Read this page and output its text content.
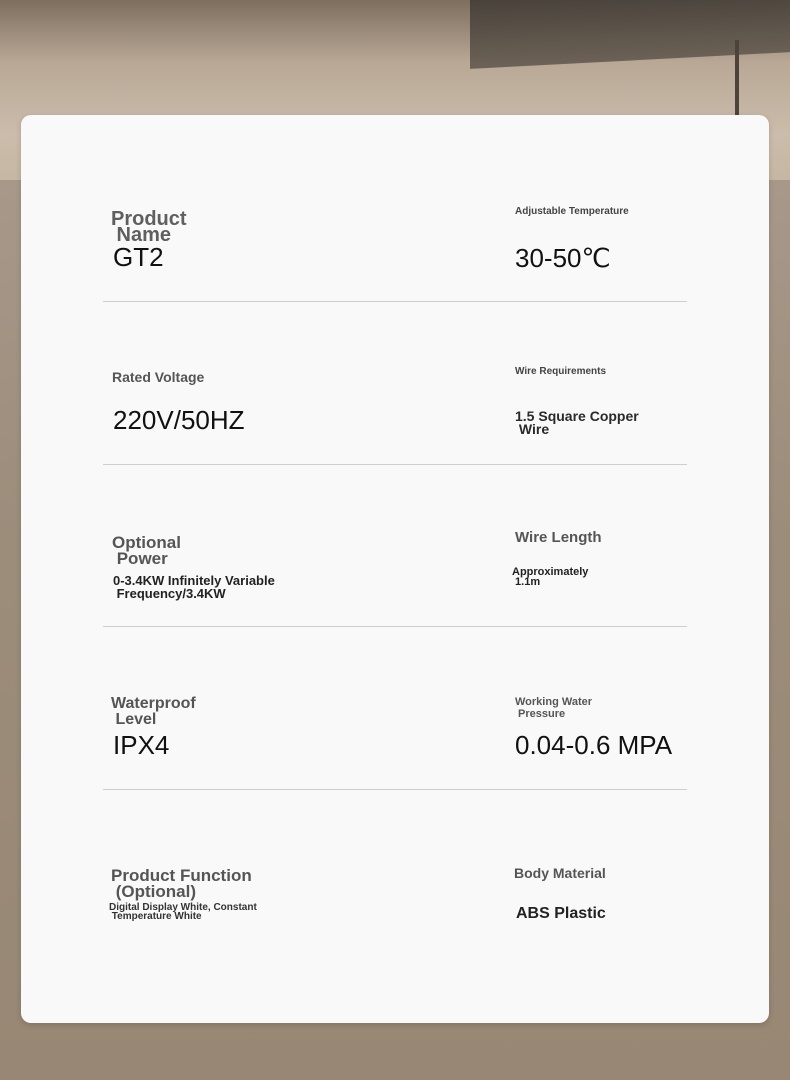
Product
Name
GT2
Adjustable Temperature
30-50℃
Rated Voltage
220V/50HZ
Wire Requirements
1.5 Square Copper
Wire
Optional
Power
0-3.4KW Infinitely Variable
Frequency/3.4KW
Wire Length
Approximately
1.1m
Waterproof
Level
IPX4
Working Water
Pressure
0.04-0.6 MPA
Product Function
(Optional)
Digital Display White, Constant
Temperature White
Body Material
ABS Plastic
